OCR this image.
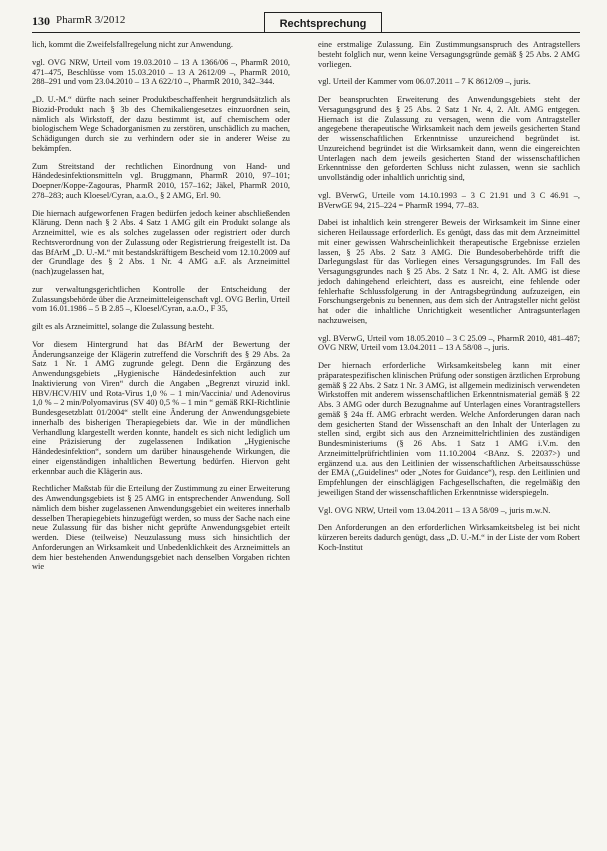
130 PharmR 3/2012	Rechtsprechung

lich, kommt die Zweifelsfallregelung nicht zur Anwendung.

vgl. OVG NRW, Urteil vom 19.03.2010 – 13 A 1366/06 –, PharmR 2010, 471–475, Beschlüsse vom 15.03.2010 – 13 A 2612/09 –, PharmR 2010, 288–291 und vom 23.04.2010 – 13 A 622/10 –, PharmR 2010, 342–344.

„D. U.-M.“ dürfte nach seiner Produktbeschaffenheit hergrundsätzlich als Biozid-Produkt nach § 3b des Chemikaliengesetzes einzuordnen sein, nämlich als Wirkstoff, der dazu bestimmt ist, auf chemischem oder biologischem Wege Schadorganismen zu zerstören, unschädlich zu machen, Schädigungen durch sie zu verhindern oder sie in anderer Weise zu bekämpfen.

Zum Streitstand der rechtlichen Einordnung von Hand- und Händedesinfektionsmitteln vgl. Bruggmann, PharmR 2010, 97–101; Doepner/Koppe-Zagouras, PharmR 2010, 157–162; Jäkel, PharmR 2010, 278–283; auch Kloesel/Cyran, a.a.O., § 2 AMG, Erl. 90.

Die hiernach aufgeworfenen Fragen bedürfen jedoch keiner abschließenden Klärung. Denn nach § 2 Abs. 4 Satz 1 AMG gilt ein Produkt solange als Arzneimittel, wie es als solches zugelassen oder registriert oder durch Rechtsverordnung von der Zulassung oder Registrierung freigestellt ist. Da das BfArM „D. U.-M.“ mit bestandskräftigem Bescheid vom 12.10.2009 auf der Grundlage des § 2 Abs. 1 Nr. 4 AMG a.F. als Arzneimittel (nach)zugelassen hat,

zur verwaltungsgerichtlichen Kontrolle der Entscheidung der Zulassungsbehörde über die Arzneimitteleigenschaft vgl. OVG Berlin, Urteil vom 16.01.1986 – 5 B 2.85 –, Kloesel/Cyran, a.a.O., F 35,

gilt es als Arzneimittel, solange die Zulassung besteht.

Vor diesem Hintergrund hat das BfArM der Bewertung der Änderungsanzeige der Klägerin zutreffend die Vorschrift des § 29 Abs. 2a Satz 1 Nr. 1 AMG zugrunde gelegt. Denn die Ergänzung des Anwendungsgebiets „Hygienische Händedesinfektion auch zur Inaktivierung von Viren“ durch die Angaben „Begrenzt viruzid inkl. HBV/HCV/HIV und Rota-Virus 1,0 % – 1 min/Vaccinia/ und Adenovirus 1,0 % – 2 min/Polyomavirus (SV 40) 0,5 % – 1 min “ gemäß RKI-Richtlinie Bundesgesetzblatt 01/2004“ stellt eine Änderung der Anwendungsgebiete innerhalb des bisherigen Therapiegebiets dar. Wie in der mündlichen Verhandlung klargestellt werden konnte, handelt es sich nicht lediglich um eine Präzisierung der zugelassenen Indikation „Hygienische Händedesinfektion“, sondern um darüber hinausgehende Wirkungen, die einer eigenständigen inhaltlichen Bewertung bedürfen. Hiervon geht erkennbar auch die Klägerin aus.

Rechtlicher Maßstab für die Erteilung der Zustimmung zu einer Erweiterung des Anwendungsgebiets ist § 25 AMG in entsprechender Anwendung. Soll nämlich dem bisher zugelassenen Anwendungsgebiet ein weiteres innerhalb desselben Therapiegebiets hinzugefügt werden, so muss der Sache nach eine neue Zulassung für das bisher nicht geprüfte Anwendungsgebiet erteilt werden. Diese (teilweise) Neuzulassung muss sich hinsichtlich der Anforderungen an Wirksamkeit und Unbedenklichkeit des Arzneimittels an dem hier bestehenden Anwendungsgebiet nach denselben Vorgaben richten wie

eine erstmalige Zulassung. Ein Zustimmungsanspruch des Antragstellers besteht folglich nur, wenn keine Versagungsgründe gemäß § 25 Abs. 2 AMG vorliegen.

vgl. Urteil der Kammer vom 06.07.2011 – 7 K 8612/09 –, juris.

Der beanspruchten Erweiterung des Anwendungsgebiets steht der Versagungsgrund des § 25 Abs. 2 Satz 1 Nr. 4, 2. Alt. AMG entgegen. Hiernach ist die Zulassung zu versagen, wenn die vom Antragsteller angegebene therapeutische Wirksamkeit nach dem jeweils gesicherten Stand der wissenschaftlichen Erkenntnisse unzureichend begründet ist. Unzureichend begründet ist die Wirksamkeit dann, wenn die eingereichten Unterlagen nach dem jeweils gesicherten Stand der wissenschaftlichen Erkenntnisse den geforderten Schluss nicht zulassen, wenn sie sachlich unvollständig oder inhaltlich unrichtig sind,

vgl. BVerwG, Urteile vom 14.10.1993 – 3 C 21.91 und 3 C 46.91 –, BVerwGE 94, 215–224 = PharmR 1994, 77–83.

Dabei ist inhaltlich kein strengerer Beweis der Wirksamkeit im Sinne einer sicheren Heilaussage erforderlich. Es genügt, dass das mit dem Arzneimittel mit einer gewissen Wahrscheinlichkeit therapeutische Ergebnisse erzielen lassen, § 25 Abs. 2 Satz 3 AMG. Die Bundesoberbehörde trifft die Darlegungslast für das Vorliegen eines Versagungsgrundes. Im Fall des Versagungsgrundes nach § 25 Abs. 2 Satz 1 Nr. 4, 2. Alt. AMG ist diese jedoch dahingehend erleichtert, dass es ausreicht, eine fehlende oder fehlerhafte Schlussfolgerung in der Antragsbegründung aufzuzeigen, ein Forschungsergebnis zu benennen, aus dem sich der Antragsteller nicht gelöst hat oder die inhaltliche Unrichtigkeit wesentlicher Antragsunterlagen nachzuweisen,

vgl. BVerwG, Urteil vom 18.05.2010 – 3 C 25.09 –, PharmR 2010, 481–487; OVG NRW, Urteil vom 13.04.2011 – 13 A 58/08 –, juris.

Der hiernach erforderliche Wirksamkeitsbeleg kann mit einer präparatespezifischen klinischen Prüfung oder sonstigen ärztlichen Erprobung gemäß § 22 Abs. 2 Satz 1 Nr. 3 AMG, ist allgemein medizinisch verwendeten Wirkstoffen mit anderem wissenschaftlichen Erkenntnismaterial gemäß § 22 Abs. 3 AMG oder durch Bezugnahme auf Unterlagen eines Vorantragstellers gemäß § 24a ff. AMG erbracht werden. Welche Anforderungen daran nach dem gesicherten Stand der Wissenschaft an den Inhalt der Unterlagen zu stellen sind, ergibt sich aus den Arzneimittelrichtlinien des zuständigen Bundesministeriums (§ 26 Abs. 1 Satz 1 AMG i.V.m. den Arzneimittelprüfrichtlinien vom 11.10.2004 <BAnz. S. 22037>) und ergänzend u.a. aus den Leitlinien der wissenschaftlichen Arbeitsausschüsse der EMA („Guidelines“ oder „Notes for Guidance“), resp. den Leitlinien und Empfehlungen der einschlägigen Fachgesellschaften, die regelmäßig den jeweiligen Stand der wissenschaftlichen Erkenntnisse widerspiegeln.

Vgl. OVG NRW, Urteil vom 13.04.2011 – 13 A 58/09 –, juris m.w.N.

Den Anforderungen an den erforderlichen Wirksamkeitsbeleg ist bei nicht kürzeren bereits dadurch genügt, dass „D. U.-M.“ in der Liste der vom Robert Koch-Institut
